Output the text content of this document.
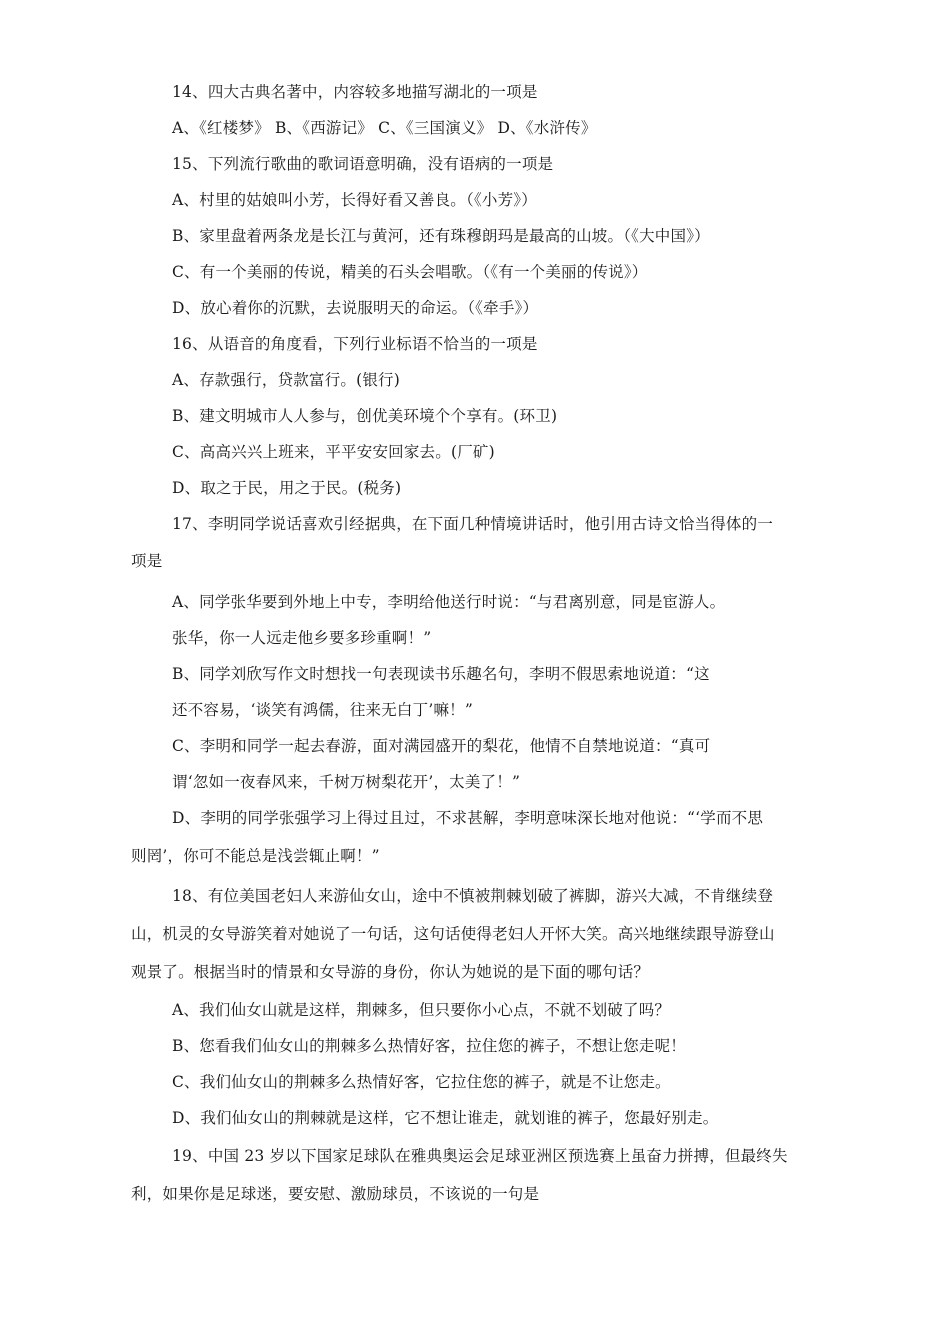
14、四大古典名著中，内容较多地描写湖北的一项是
A、《红楼梦》 B、《西游记》 C、《三国演义》 D、《水浒传》
15、下列流行歌曲的歌词语意明确，没有语病的一项是
A、村里的姑娘叫小芳，长得好看又善良。（《小芳》）
B、家里盘着两条龙是长江与黄河，还有珠穆朗玛是最高的山坡。（《大中国》）
C、有一个美丽的传说，精美的石头会唱歌。（《有一个美丽的传说》）
D、放心着你的沉默，去说服明天的命运。（《牵手》）
16、从语音的角度看，下列行业标语不恰当的一项是
A、存款强行，贷款富行。(银行)
B、建文明城市人人参与，创优美环境个个享有。(环卫)
C、高高兴兴上班来，平平安安回家去。(厂矿)
D、取之于民，用之于民。(税务)
17、李明同学说话喜欢引经据典，在下面几种情境讲话时，他引用古诗文恰当得体的一
项是
A、同学张华要到外地上中专，李明给他送行时说：“与君离别意，同是宦游人。
张华，你一人远走他乡要多珍重啊！”
B、同学刘欣写作文时想找一句表现读书乐趣名句，李明不假思索地说道：“这
还不容易，‘谈笑有鸿儒，往来无白丁’嘛！”
C、李明和同学一起去春游，面对满园盛开的梨花，他情不自禁地说道：“真可
谓‘忽如一夜春风来，千树万树梨花开’，太美了！”
D、李明的同学张强学习上得过且过，不求甚解，李明意味深长地对他说：“‘学而不思
则罔’，你可不能总是浅尝辄止啊！”
18、有位美国老妇人来游仙女山，途中不慎被荆棘划破了裤脚，游兴大减，不肯继续登
山，机灵的女导游笑着对她说了一句话，这句话使得老妇人开怀大笑。高兴地继续跟导游登山
观景了。根据当时的情景和女导游的身份，你认为她说的是下面的哪句话？
A、我们仙女山就是这样，荆棘多，但只要你小心点，不就不划破了吗？
B、您看我们仙女山的荆棘多么热情好客，拉住您的裤子，不想让您走呢！
C、我们仙女山的荆棘多么热情好客，它拉住您的裤子，就是不让您走。
D、我们仙女山的荆棘就是这样，它不想让谁走，就划谁的裤子，您最好别走。
19、中国 23 岁以下国家足球队在雅典奥运会足球亚洲区预选赛上虽奋力拼搏，但最终失
利，如果你是足球迷，要安慰、激励球员，不该说的一句是
